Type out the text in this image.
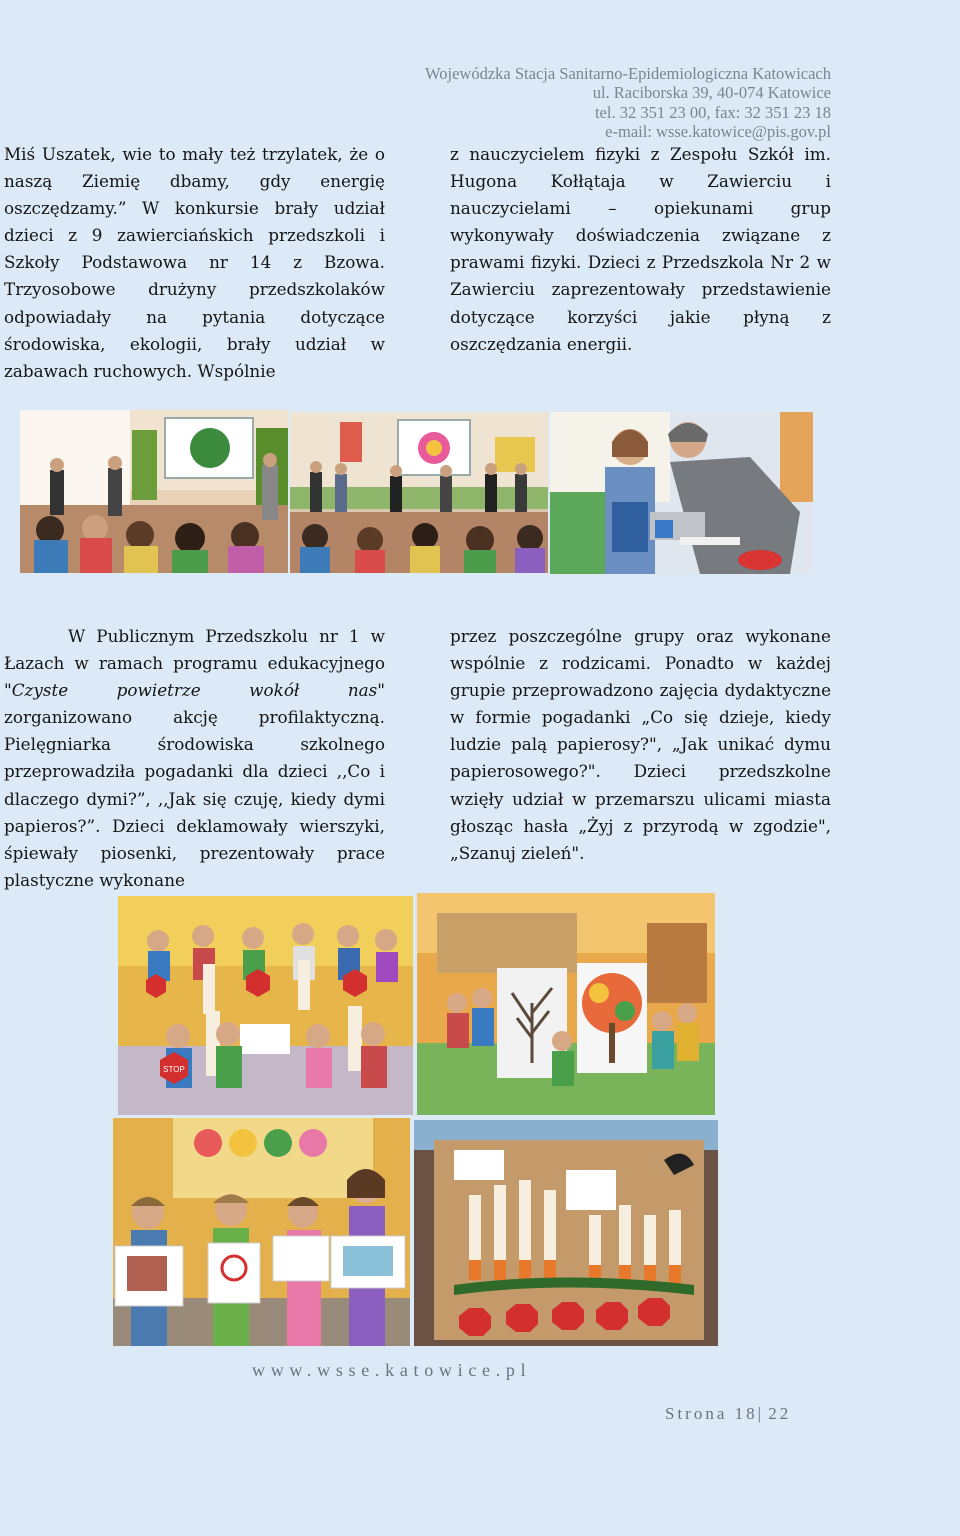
Wojewódzka Stacja Sanitarno-Epidemiologiczna Katowicach
ul. Raciborska 39, 40-074 Katowice
tel. 32 351 23 00, fax: 32 351 23 18
e-mail: wsse.katowice@pis.gov.pl

Miś Uszatek, wie to mały też trzylatek, że o naszą Ziemię dbamy, gdy energię oszczędzamy.” W konkursie brały udział dzieci z 9 zawierciańskich przedszkoli i Szkoły Podstawowa nr 14 z Bzowa. Trzyosobowe drużyny przedszkolaków odpowiadały na pytania dotyczące środowiska, ekologii, brały udział w zabawach ruchowych. Wspólnie

z nauczycielem fizyki z Zespołu Szkół im. Hugona Kołłątaja w Zawierciu i nauczycielami – opiekunami grup wykonywały doświadczenia związane z prawami fizyki. Dzieci z Przedszkola Nr 2 w Zawierciu zaprezentowały przedstawienie dotyczące korzyści jakie płyną z oszczędzania energii.

W Publicznym Przedszkolu nr 1 w Łazach w ramach programu edukacyjnego "Czyste powietrze wokół nas" zorganizowano akcję profilaktyczną. Pielęgniarka środowiska szkolnego przeprowadziła pogadanki dla dzieci ,,Co i dlaczego dymi?”, ,,Jak się czuję, kiedy dymi papieros?”. Dzieci deklamowały wierszyki, śpiewały piosenki, prezentowały prace plastyczne wykonane

przez poszczególne grupy oraz wykonane wspólnie z rodzicami. Ponadto w każdej grupie przeprowadzono zajęcia dydaktyczne w formie pogadanki „Co się dzieje, kiedy ludzie palą papierosy?", „Jak unikać dymu papierosowego?". Dzieci przedszkolne wzięły udział w przemarszu ulicami miasta głosząc hasła „Żyj z przyrodą w zgodzie", „Szanuj zieleń".

STOP
www.wsse.katowice.pl
Strona 18| 22
